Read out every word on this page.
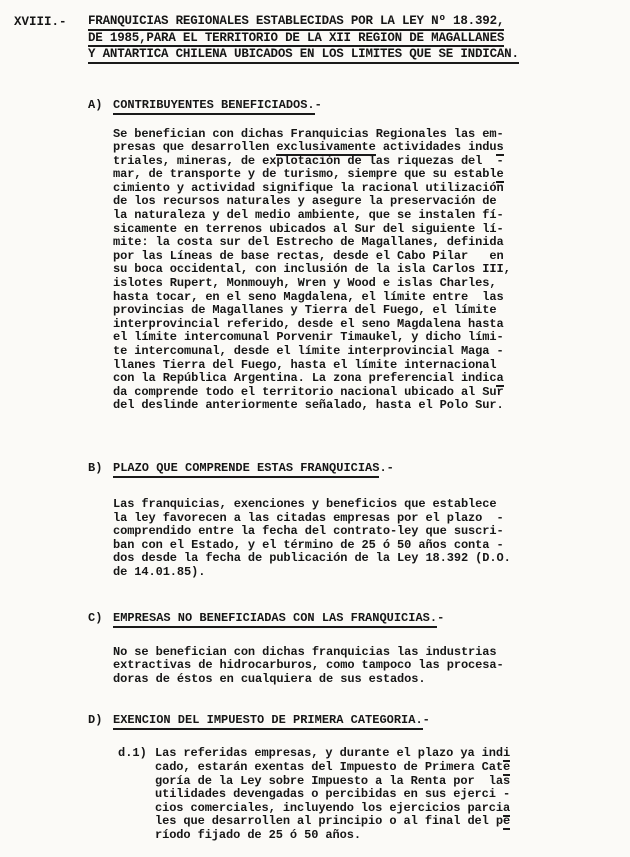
XVIII.-	FRANQUICIAS REGIONALES ESTABLECIDAS POR LA LEY Nº 18.392,
DE 1985,PARA EL TERRITORIO DE LA XII REGION DE MAGALLANES
Y ANTARTICA CHILENA UBICADOS EN LOS LIMITES QUE SE INDICAN.
A) CONTRIBUYENTES BENEFICIADOS.-
Se benefician con dichas Franquicias Regionales las em-
presas que desarrollen exclusivamente actividades indus
triales, mineras, de explotación de las riquezas del  -
mar, de transporte y de turismo, siempre que su estable
cimiento y actividad signifique la racional utilización
de los recursos naturales y asegure la preservación de
la naturaleza y del medio ambiente, que se instalen fí-
sicamente en terrenos ubicados al Sur del siguiente lí-
mite: la costa sur del Estrecho de Magallanes, definida
por las Líneas de base rectas, desde el Cabo Pilar   en
su boca occidental, con inclusión de la isla Carlos III,
islotes Rupert, Monmouyh, Wren y Wood e islas Charles,
hasta tocar, en el seno Magdalena, el límite entre  las
provincias de Magallanes y Tierra del Fuego, el límite
interprovincial referido, desde el seno Magdalena hasta
el límite intercomunal Porvenir Timaukel, y dicho lími-
te intercomunal, desde el límite interprovincial Maga -
llanes Tierra del Fuego, hasta el límite internacional
con la República Argentina. La zona preferencial indica
da comprende todo el territorio nacional ubicado al Sur
del deslinde anteriormente señalado, hasta el Polo Sur.
B) PLAZO QUE COMPRENDE ESTAS FRANQUICIAS.-
Las franquicias, exenciones y beneficios que establece
la ley favorecen a las citadas empresas por el plazo  -
comprendido entre la fecha del contrato-ley que suscri-
ban con el Estado, y el término de 25 ó 50 años conta -
dos desde la fecha de publicación de la Ley 18.392 (D.O.
de 14.01.85).
C) EMPRESAS NO BENEFICIADAS CON LAS FRANQUICIAS.-
No se benefician con dichas franquicias las industrias
extractivas de hidrocarburos, como tampoco las procesa-
doras de éstos en cualquiera de sus estados.
D) EXENCION DEL IMPUESTO DE PRIMERA CATEGORIA.-
d.1) Las referidas empresas, y durante el plazo ya indi
cado, estarán exentas del Impuesto de Primera Cate
goría de la Ley sobre Impuesto a la Renta por  las
utilidades devengadas o percibidas en sus ejerci -
cios comerciales, incluyendo los ejercicios parcia
les que desarrollen al principio o al final del pe
ríodo fijado de 25 ó 50 años.
